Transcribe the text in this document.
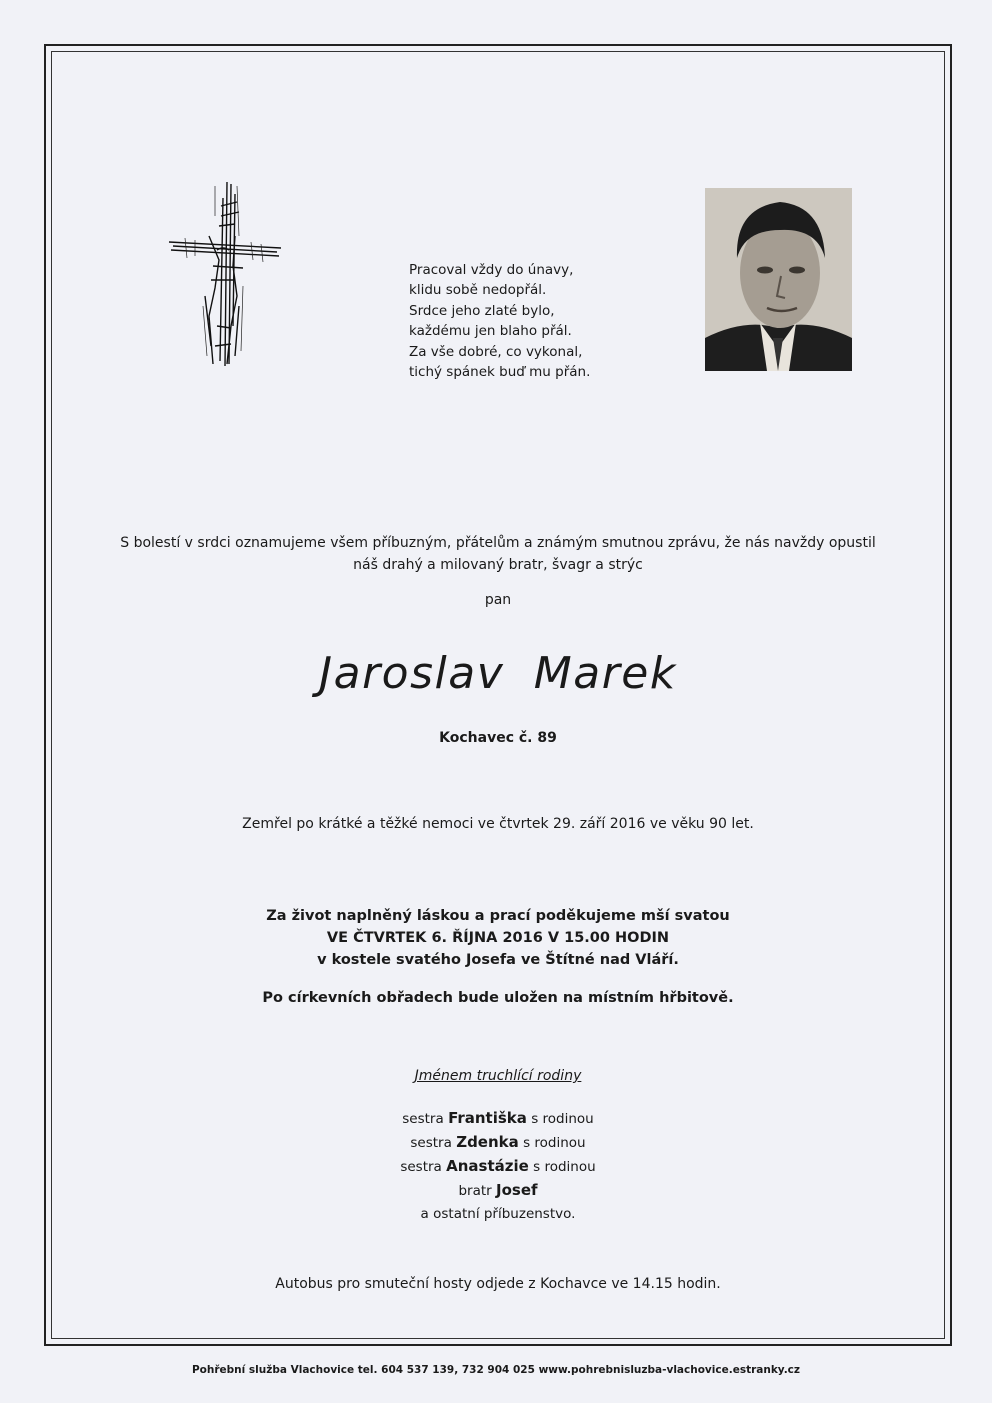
Pracoval vždy do únavy,
klidu sobě nedopřál.
Srdce jeho zlaté bylo,
každému jen blaho přál.
Za vše dobré, co vykonal,
tichý spánek buď mu přán.
S bolestí v srdci oznamujeme všem příbuzným, přátelům a známým smutnou zprávu, že nás navždy opustil
náš drahý a milovaný bratr, švagr a strýc
pan
Jaroslav Marek
Kochavec č. 89
Zemřel po krátké a těžké nemoci ve čtvrtek 29. září 2016 ve věku 90 let.
Za život naplněný láskou a prací poděkujeme mší svatou
VE ČTVRTEK 6. ŘÍJNA 2016 V 15.00 HODIN
v kostele svatého Josefa ve Štítné nad Vláří.
Po církevních obřadech bude uložen na místním hřbitově.
Jménem truchlící rodiny
sestra Františka s rodinou
sestra Zdenka s rodinou
sestra Anastázie s rodinou
bratr Josef
a ostatní příbuzenstvo.
Autobus pro smuteční hosty odjede z Kochavce ve 14.15 hodin.
Pohřební služba Vlachovice tel. 604 537 139, 732 904 025 www.pohrebnisluzba-vlachovice.estranky.cz
